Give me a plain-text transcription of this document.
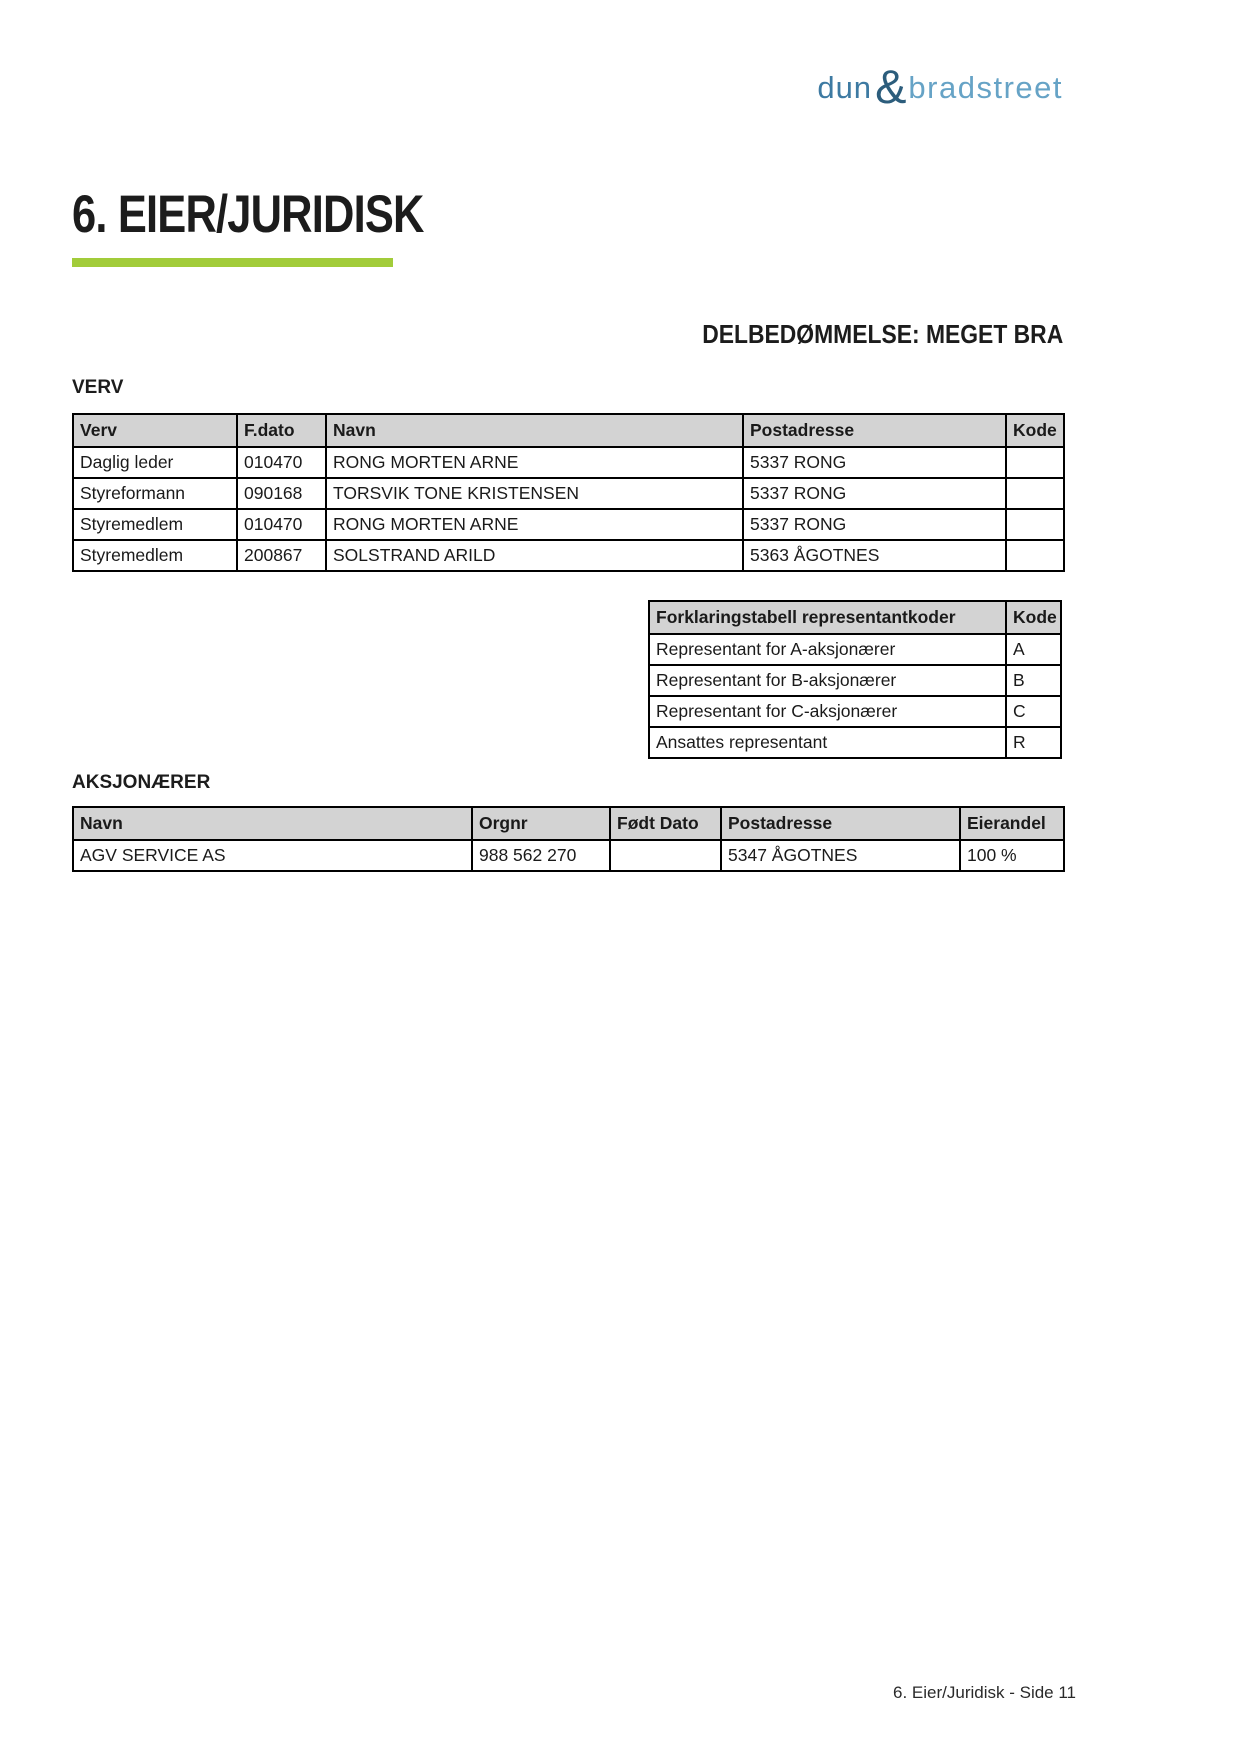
dun & bradstreet
6. EIER/JURIDISK
DELBEDØMMELSE: MEGET BRA
VERV
Verv	F.dato	Navn	Postadresse	Kode
Daglig leder	010470	RONG MORTEN ARNE	5337 RONG	
Styreformann	090168	TORSVIK TONE KRISTENSEN	5337 RONG	
Styremedlem	010470	RONG MORTEN ARNE	5337 RONG	
Styremedlem	200867	SOLSTRAND ARILD	5363 ÅGOTNES	
Forklaringstabell representantkoder	Kode
Representant for A-aksjonærer	A
Representant for B-aksjonærer	B
Representant for C-aksjonærer	C
Ansattes representant	R
AKSJONÆRER
Navn	Orgnr	Født Dato	Postadresse	Eierandel
AGV SERVICE AS	988 562 270		5347 ÅGOTNES	100 %
6. Eier/Juridisk - Side 11
